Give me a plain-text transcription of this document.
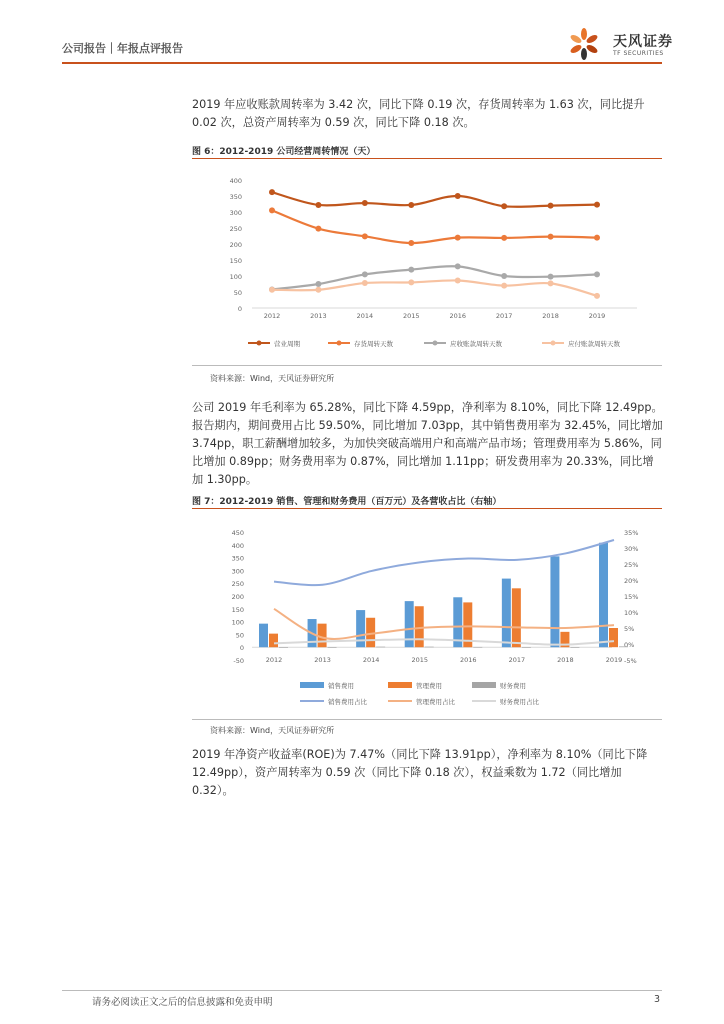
公司报告｜年报点评报告	天风证券
TF SECURITIES

2019 年应收账款周转率为 3.42 次，同比下降 0.19 次，存货周转率为 1.63 次，同比提升 0.02 次，总资产周转率为 0.59 次，同比下降 0.18 次。

图 6：2012-2019 公司经营周转情况（天）
0
50
100
150
200
250
300
350
400
2012	2013	2014	2015	2016	2017	2018	2019
营业周期	存货周转天数	应收账款周转天数	应付账款周转天数
资料来源：Wind，天风证券研究所

公司 2019 年毛利率为 65.28%，同比下降 4.59pp，净利率为 8.10%，同比下降 12.49pp。报告期内，期间费用占比 59.50%，同比增加 7.03pp，其中销售费用率为 32.45%，同比增加 3.74pp，职工薪酬增加较多，为加快突破高端用户和高端产品市场；管理费用率为 5.86%，同比增加 0.89pp；财务费用率为 0.87%，同比增加 1.11pp；研发费用率为 20.33%，同比增加 1.30pp。

图 7：2012-2019 销售、管理和财务费用（百万元）及各营收占比（右轴）
-50
0
50
100
150
200
250
300
350
400
450
-5%
0%
5%
10%
15%
20%
25%
30%
35%
2012	2013	2014	2015	2016	2017	2018	2019
销售费用	管理费用	财务费用
销售费用占比	管理费用占比	财务费用占比
资料来源：Wind，天风证券研究所

2019 年净资产收益率(ROE)为 7.47%（同比下降 13.91pp），净利率为 8.10%（同比下降 12.49pp），资产周转率为 0.59 次（同比下降 0.18 次），权益乘数为 1.72（同比增加 0.32）。

请务必阅读正文之后的信息披露和免责申明	3
